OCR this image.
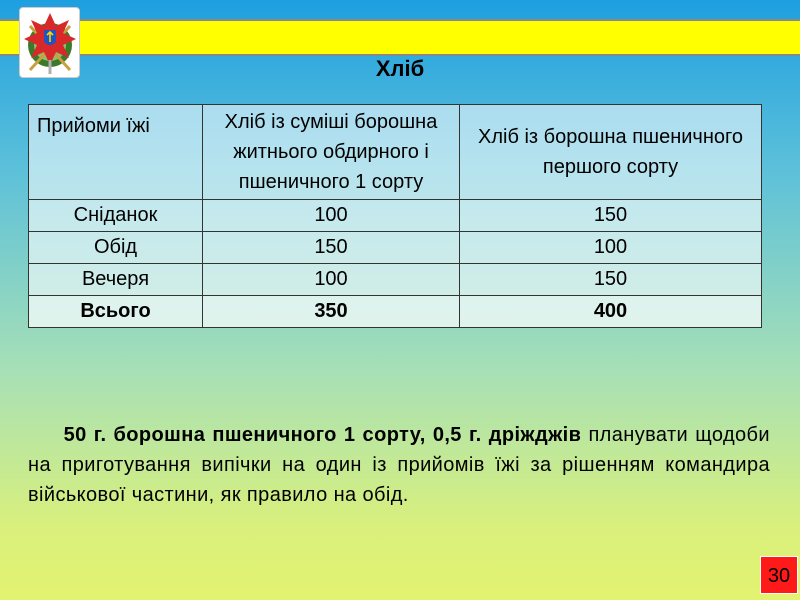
Хліб
Прийоми їжі	Хліб із суміші борошна житнього обдирного і пшеничного 1 сорту	Хліб із борошна пшеничного першого сорту
Сніданок	100	150
Обід	150	100
Вечеря	100	150
Всього	350	400

50 г. борошна пшеничного 1 сорту, 0,5 г. дріжджів планувати щодоби на приготування випічки на один із прийомів їжі за рішенням командира військової частини, як правило на обід.

30
